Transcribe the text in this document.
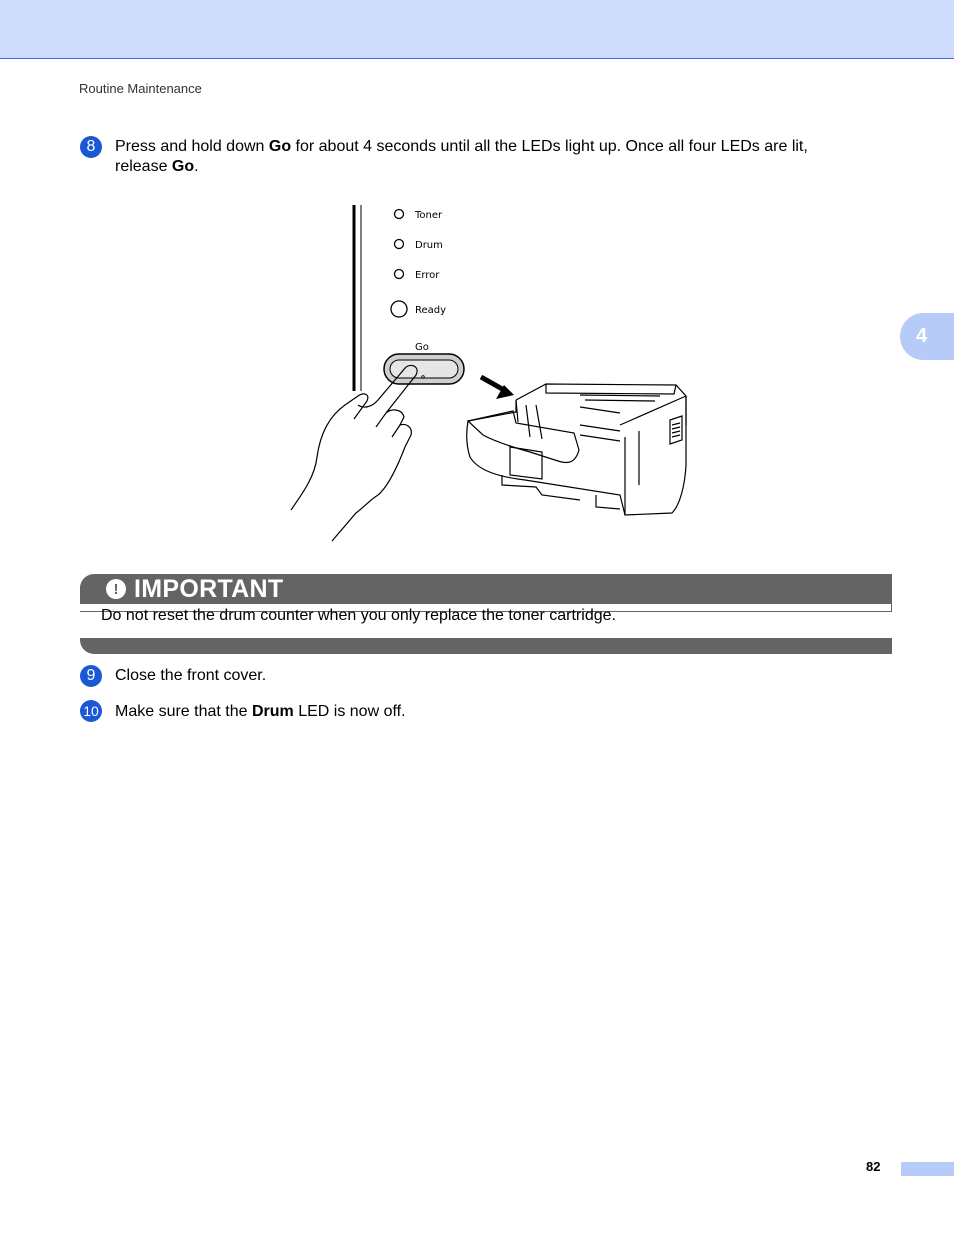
Routine Maintenance
4
8	Press and hold down Go for about 4 seconds until all the LEDs light up. Once all four LEDs are lit,
release Go.
Toner
Drum
Error
Ready
Go
! IMPORTANT
Do not reset the drum counter when you only replace the toner cartridge.
9	Close the front cover.
10 Make sure that the Drum LED is now off.
82
